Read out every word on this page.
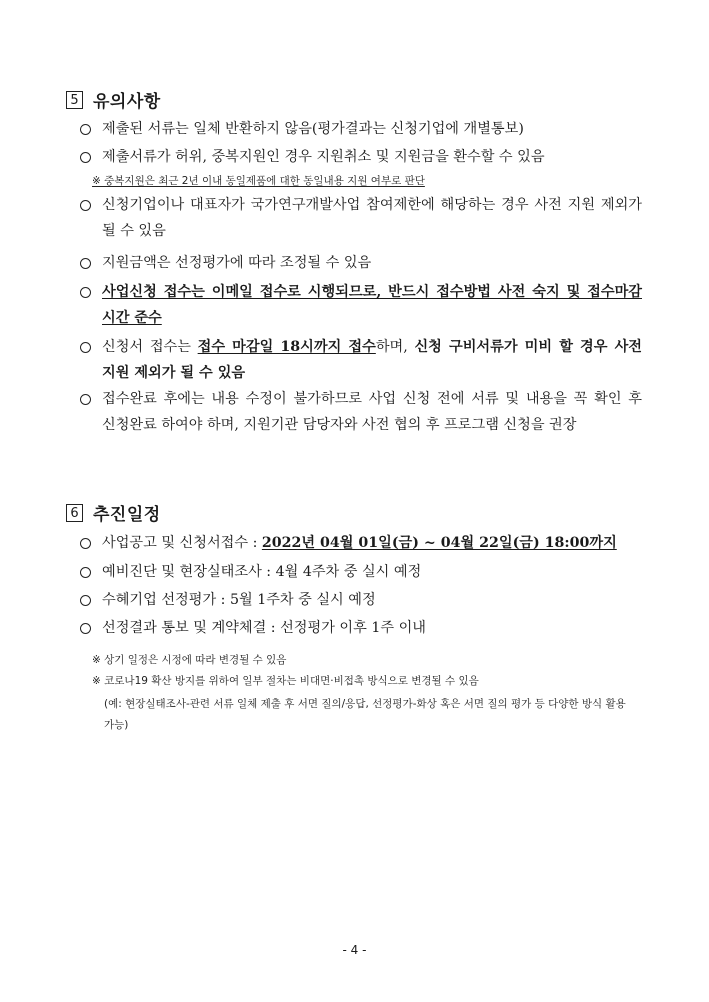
5 유의사항
제출된 서류는 일체 반환하지 않음(평가결과는 신청기업에 개별통보)
제출서류가 허위, 중복지원인 경우 지원취소 및 지원금을 환수할 수 있음
※ 중복지원은 최근 2년 이내 동일제품에 대한 동일내용 지원 여부로 판단
신청기업이나 대표자가 국가연구개발사업 참여제한에 해당하는 경우 사전 지원 제외가 될 수 있음
지원금액은 선정평가에 따라 조정될 수 있음
사업신청 접수는 이메일 접수로 시행되므로, 반드시 접수방법 사전 숙지 및 접수마감 시간 준수
신청서 접수는 접수 마감일 18시까지 접수하며, 신청 구비서류가 미비 할 경우 사전 지원 제외가 될 수 있음
접수완료 후에는 내용 수정이 불가하므로 사업 신청 전에 서류 및 내용을 꼭 확인 후 신청완료 하여야 하며, 지원기관 담당자와 사전 협의 후 프로그램 신청을 권장
6 추진일정
사업공고 및 신청서접수 : 2022년 04월 01일(금) ~ 04월 22일(금) 18:00까지
예비진단 및 현장실태조사 : 4월 4주차 중 실시 예정
수혜기업 선정평가 : 5월 1주차 중 실시 예정
선정결과 통보 및 계약체결 : 선정평가 이후 1주 이내
※ 상기 일정은 시정에 따라 변경될 수 있음
※ 코로나19 확산 방지를 위하여 일부 절차는 비대면·비접촉 방식으로 변경될 수 있음
(예: 현장실태조사-관련 서류 일체 제출 후 서면 질의/응답, 선정평가-화상 혹은 서면 질의 평가 등 다양한 방식 활용 가능)
- 4 -
